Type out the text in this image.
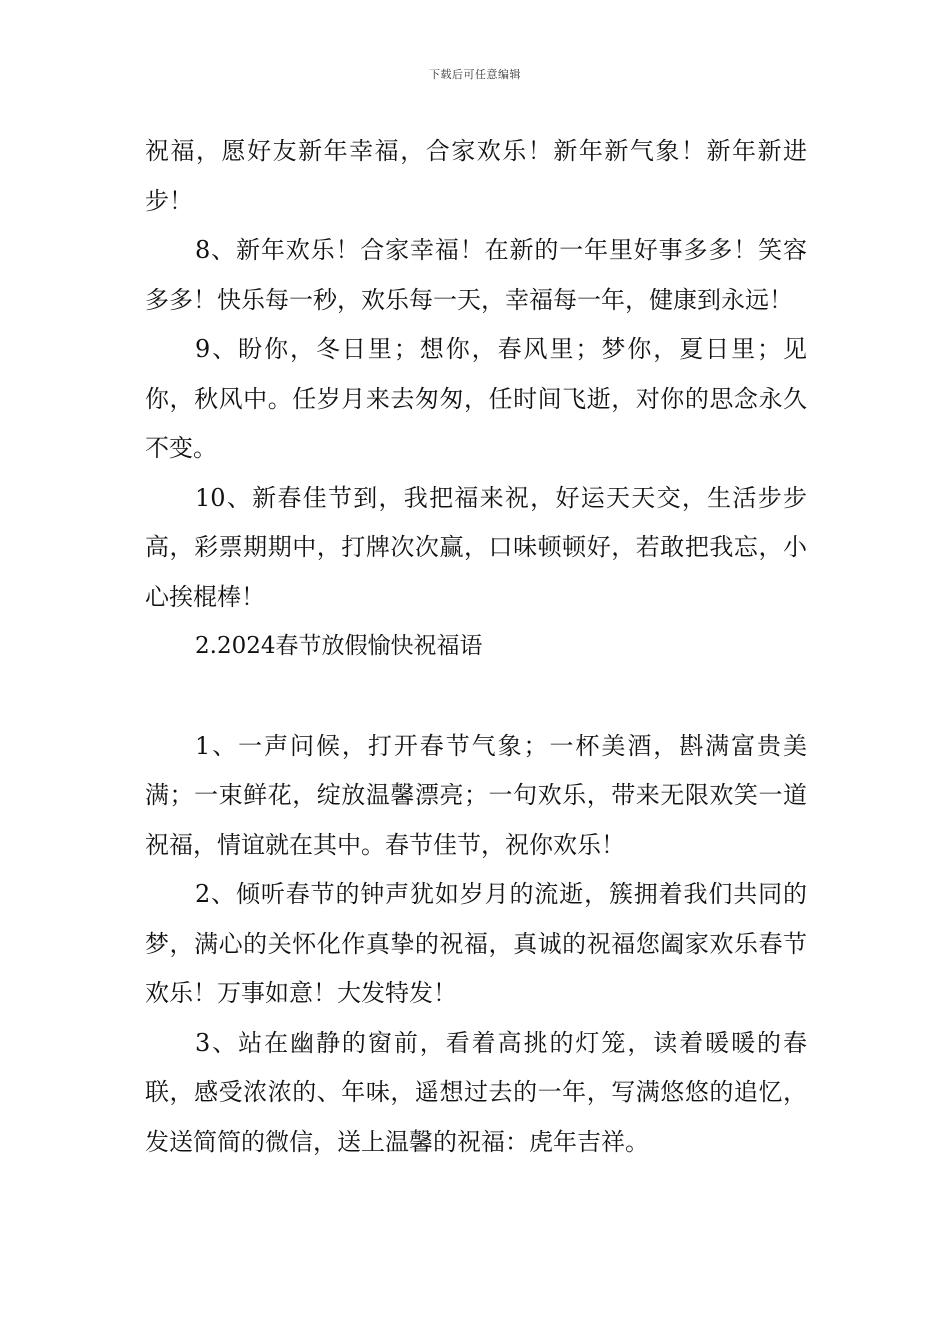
下载后可任意编辑

祝福，愿好友新年幸福，合家欢乐！新年新气象！新年新进步！

8、新年欢乐！合家幸福！在新的一年里好事多多！笑容多多！快乐每一秒，欢乐每一天，幸福每一年，健康到永远！

9、盼你，冬日里；想你，春风里；梦你，夏日里；见你，秋风中。任岁月来去匆匆，任时间飞逝，对你的思念永久不变。

10、新春佳节到，我把福来祝，好运天天交，生活步步高，彩票期期中，打牌次次赢，口味顿顿好，若敢把我忘，小心挨棍棒！

2.2024春节放假愉快祝福语

1、一声问候，打开春节气象；一杯美酒，斟满富贵美满；一束鲜花，绽放温馨漂亮；一句欢乐，带来无限欢笑一道祝福，情谊就在其中。春节佳节，祝你欢乐！

2、倾听春节的钟声犹如岁月的流逝，簇拥着我们共同的梦，满心的关怀化作真挚的祝福，真诚的祝福您阖家欢乐春节欢乐！万事如意！大发特发！

3、站在幽静的窗前，看着高挑的灯笼，读着暖暖的春联，感受浓浓的、年味，遥想过去的一年，写满悠悠的追忆，发送简简的微信，送上温馨的祝福：虎年吉祥。
